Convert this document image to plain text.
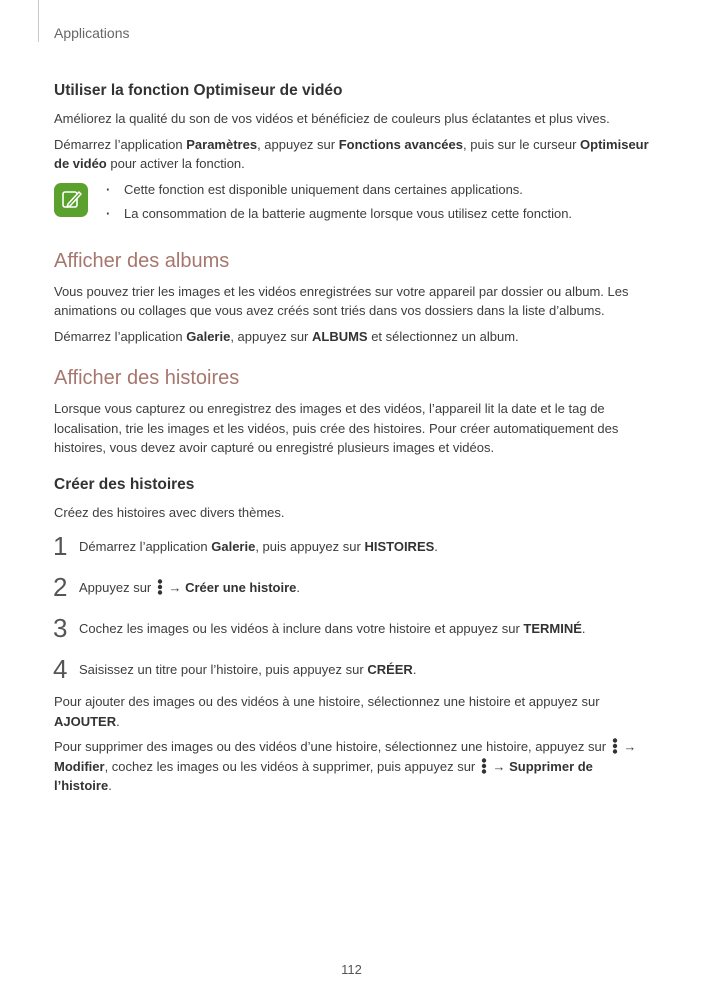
Applications
Utiliser la fonction Optimiseur de vidéo

Améliorez la qualité du son de vos vidéos et bénéficiez de couleurs plus éclatantes et plus vives.

Démarrez l’application Paramètres, appuyez sur Fonctions avancées, puis sur le curseur Optimiseur de vidéo pour activer la fonction.

· Cette fonction est disponible uniquement dans certaines applications.
· La consommation de la batterie augmente lorsque vous utilisez cette fonction.
Afficher des albums

Vous pouvez trier les images et les vidéos enregistrées sur votre appareil par dossier ou album. Les animations ou collages que vous avez créés sont triés dans vos dossiers dans la liste d’albums.

Démarrez l’application Galerie, appuyez sur ALBUMS et sélectionnez un album.

Afficher des histoires

Lorsque vous capturez ou enregistrez des images et des vidéos, l’appareil lit la date et le tag de localisation, trie les images et les vidéos, puis crée des histoires. Pour créer automatiquement des histoires, vous devez avoir capturé ou enregistré plusieurs images et vidéos.

Créer des histoires

Créez des histoires avec divers thèmes.

1 Démarrez l’application Galerie, puis appuyez sur HISTOIRES.
2 Appuyez sur  → Créer une histoire.
3 Cochez les images ou les vidéos à inclure dans votre histoire et appuyez sur TERMINÉ.
4 Saisissez un titre pour l’histoire, puis appuyez sur CRÉER.

Pour ajouter des images ou des vidéos à une histoire, sélectionnez une histoire et appuyez sur AJOUTER.

Pour supprimer des images ou des vidéos d’une histoire, sélectionnez une histoire, appuyez sur  → Modifier, cochez les images ou les vidéos à supprimer, puis appuyez sur  → Supprimer de l’histoire.

112
